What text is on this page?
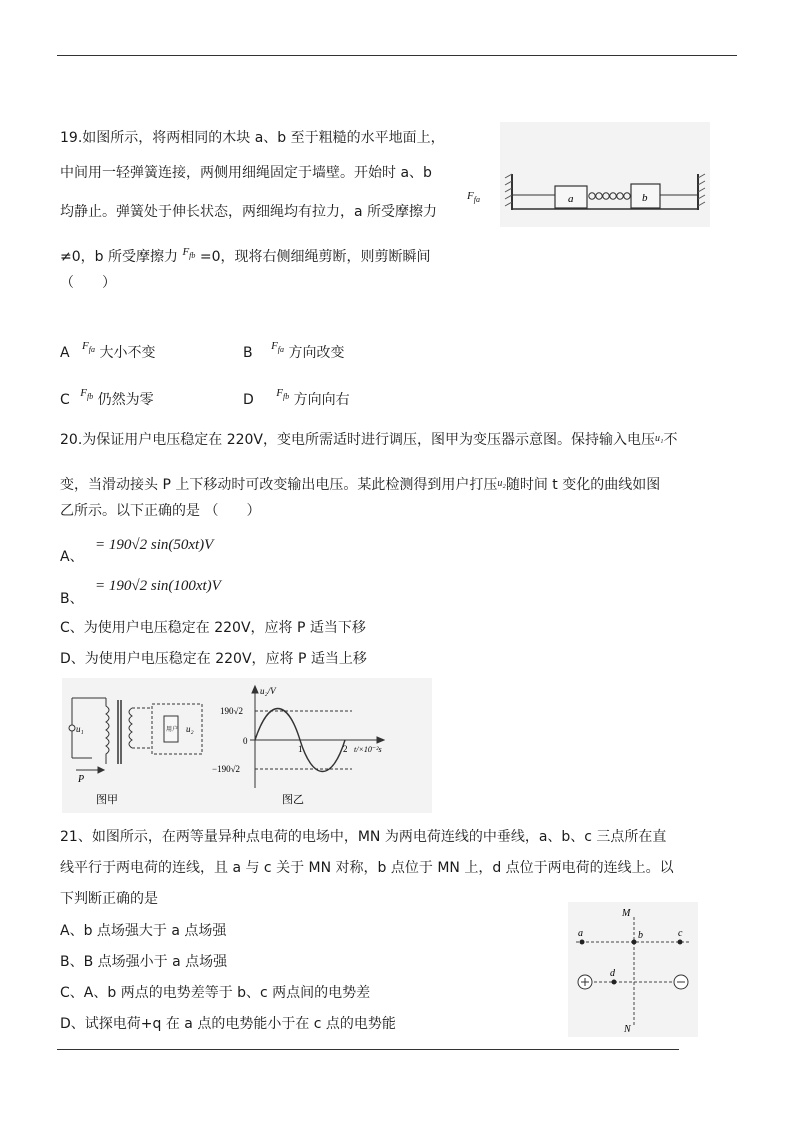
19.如图所示，将两相同的木块 a、b 至于粗糙的水平地面上，
中间用一轻弹簧连接，两侧用细绳固定于墙壁。开始时 a、b
$F_{fa}$
均静止。弹簧处于伸长状态，两细绳均有拉力，a 所受摩擦力
≠0，b 所受摩擦力 $^{F_{fb}}$ =0，现将右侧细绳剪断，则剪断瞬间
（　　）
a	b
A $^{F_{fa}}$ 大小不变	B $^{F_{fa}}$ 方向改变
C $^{F_{fb}}$ 仍然为零	D $^{F_{fb}}$ 方向向右
20.为保证用户电压稳定在 220V，变电所需适时进行调压，图甲为变压器示意图。保持输入电压$^{u_1}$不
变，当滑动接头 P 上下移动时可改变输出电压。某此检测得到用户打压$^{u_2}$随时间 t 变化的曲线如图
乙所示。以下正确的是 （　　）
A、
= 190√2 sin(50xt)V
B、
= 190√2 sin(100xt)V
C、为使用户电压稳定在 220V，应将 P 适当下移
D、为使用户电压稳定在 220V，应将 P 适当上移
u₁	u₂
用户
P
图甲
u₂/V
190√2
0
−190√2
1	2 t/×10⁻²s
图乙
21、如图所示，在两等量异种点电荷的电场中，MN 为两电荷连线的中垂线，a、b、c 三点所在直
线平行于两电荷的连线，且 a 与 c 关于 MN 对称，b 点位于 MN 上，d 点位于两电荷的连线上。以
下判断正确的是
A、b 点场强大于 a 点场强
B、B 点场强小于 a 点场强
C、A、b 两点的电势差等于 b、c 两点间的电势差
D、试探电荷+q 在 a 点的电势能小于在 c 点的电势能
M
N
a	b	c
d
